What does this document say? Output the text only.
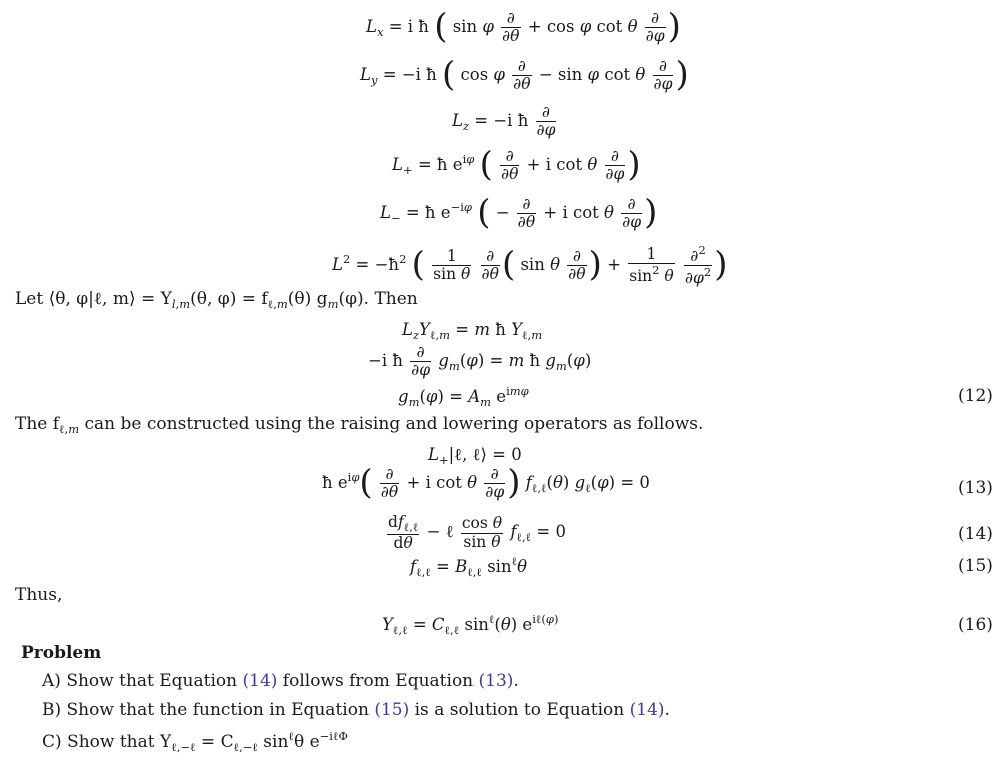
$L_x = i$ ħ ( sin φ $\frac{\partial}{\partial\theta} + \cos \varphi$ cot θ $\frac{\partial}{\partial\varphi}$ )
$L_y = -i$ ħ ( cos φ $\frac{\partial}{\partial\theta} - \sin \varphi$ cot θ $\frac{\partial}{\partial\varphi}$ )
$L_z = -i$ ħ $\frac{\partial}{\partial\varphi}$
$L_+$ = ħ $e^{i\varphi}$ ( $\frac{\partial}{\partial\theta} + i$ cot θ $\frac{\partial}{\partial\varphi}$ )
$L_-$ = ħ $e^{-i\varphi}$ ( − $\frac{\partial}{\partial\theta} + i$ cot θ $\frac{\partial}{\partial\varphi}$ )
$L^2$ = $-ħ^2$ ( $\frac{1}{\text{sin θ}}$
$\frac{\partial}{\partial\theta}$ ( sin θ $\frac{\partial}{\partial\theta}$ ) + $\frac{1}{\sin^2 \theta}$
$\frac{\partial^2}{\partial\varphi^2}$ )
Let ⟨θ, φ|ℓ, m⟩ = $Y_{l,m}(\theta$, $\varphi) = f_{\ell,m}(\theta)$ $g_m(\varphi)$. Then
$L_zY_{\ell,m} = m$ ħ $Y_{\ell,m}$
−i ħ $\frac{\partial}{\partial\varphi} g_m(\varphi) = m$ ħ $g_m(\varphi)$
$g_m(\varphi) = A_m$ $e^{im\varphi}$	(12)
The $f_{\ell,m}$ can be constructed using the raising and lowering operators as follows.
$L_+|\ell$, ℓ⟩ = 0
ħ $e^{i\varphi}( \frac{\partial}{\partial\theta} + i$ cot θ $\frac{\partial}{\partial\varphi}$ ) $f_{\ell,\ell}(\theta) g_\ell(\varphi) = 0$	(13)
$\frac{df_{\ell,\ell}}{d\theta}$ − ℓ $\frac{\text{cos θ}}{\text{sin θ}} f_{\ell,\ell} = 0$	(14)
$f_{\ell,\ell} = B_{\ell,\ell}$ $\sin^\ell\theta$	(15)
Thus,
$Y_{\ell,\ell} = C_{\ell,\ell}$ $\sin^\ell(\theta)$ $e^{i\ell(\varphi)}$	(16)
Problem
A) Show that Equation (14) follows from Equation (13).
B) Show that the function in Equation (15) is a solution to Equation (14).
C) Show that $Y_{\ell,-\ell} = C_{\ell,-\ell}$ $\sin^\ell\theta$ $e^{-i\ell\Phi}$
